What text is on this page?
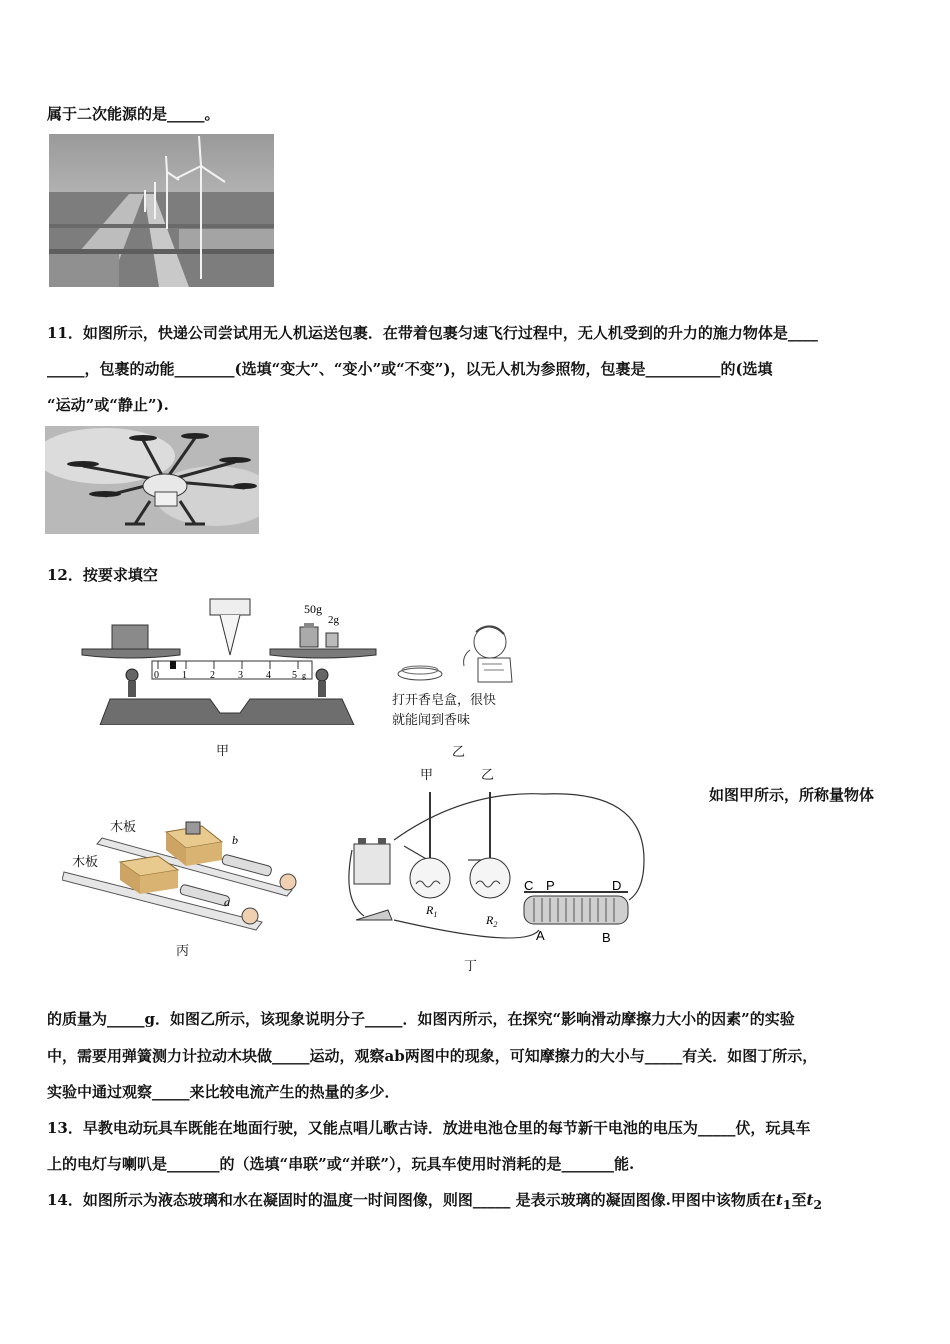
属于二次能源的是_____。
11．如图所示，快递公司尝试用无人机运送包裹．在带着包裹匀速飞行过程中，无人机受到的升力的施力物体是____
_____，包裹的动能________(选填“变大”、“变小”或“不变”)，以无人机为参照物，包裹是__________的(选填
“运动”或“静止”).
12．按要求填空
50g
2g
0 1 2 3 4 5 g
甲
打开香皂盒，很快
就能闻到香味
乙
木板
木板
b
a
丙
甲	乙
C P	D
A	B
$R_1$	$R_2$
丁
如图甲所示，所称量物体
的质量为_____g．如图乙所示，该现象说明分子_____．如图丙所示，在探究“影响滑动摩擦力大小的因素”的实验
中，需要用弹簧测力计拉动木块做_____运动，观察ab两图中的现象，可知摩擦力的大小与_____有关．如图丁所示，
实验中通过观察_____来比较电流产生的热量的多少．
13．早教电动玩具车既能在地面行驶，又能点唱儿歌古诗．放进电池仓里的每节新干电池的电压为_____伏，玩具车
上的电灯与喇叭是_______的（选填“串联”或“并联”），玩具车使用时消耗的是_______能.
14．如图所示为液态玻璃和水在凝固时的温度一时间图像，则图_____ 是表示玻璃的凝固图像.甲图中该物质在$t_1$至$t_2$
